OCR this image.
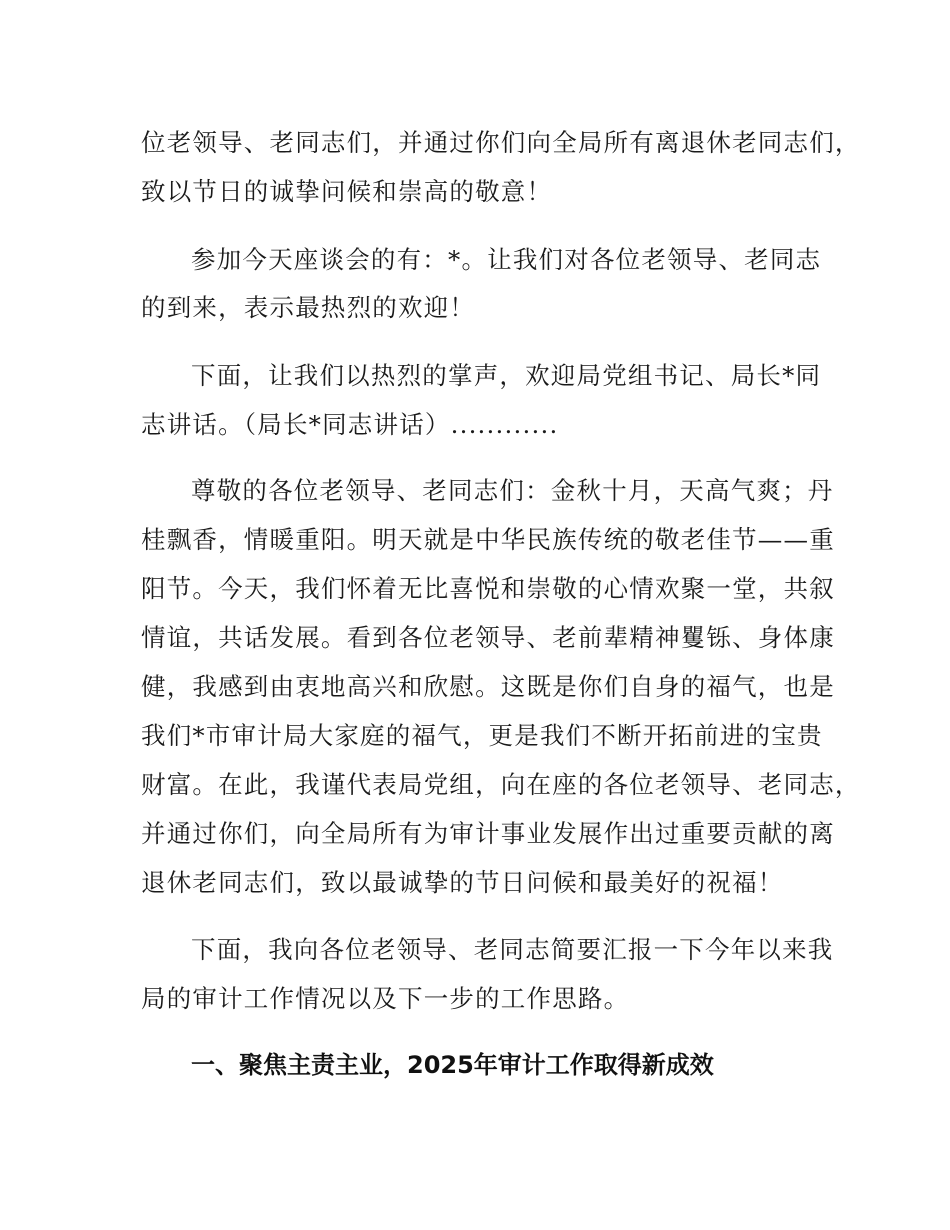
位老领导、老同志们，并通过你们向全局所有离退休老同志们，
致以节日的诚挚问候和崇高的敬意！
参加今天座谈会的有：*。让我们对各位老领导、老同志
的到来，表示最热烈的欢迎！
下面，让我们以热烈的掌声，欢迎局党组书记、局长*同
志讲话。（局长*同志讲话）............
尊敬的各位老领导、老同志们：金秋十月，天高气爽；丹
桂飘香，情暖重阳。明天就是中华民族传统的敬老佳节——重
阳节。今天，我们怀着无比喜悦和崇敬的心情欢聚一堂，共叙
情谊，共话发展。看到各位老领导、老前辈精神矍铄、身体康
健，我感到由衷地高兴和欣慰。这既是你们自身的福气，也是
我们*市审计局大家庭的福气，更是我们不断开拓前进的宝贵
财富。在此，我谨代表局党组，向在座的各位老领导、老同志，
并通过你们，向全局所有为审计事业发展作出过重要贡献的离
退休老同志们，致以最诚挚的节日问候和最美好的祝福！
下面，我向各位老领导、老同志简要汇报一下今年以来我
局的审计工作情况以及下一步的工作思路。
一、聚焦主责主业，2025年审计工作取得新成效
